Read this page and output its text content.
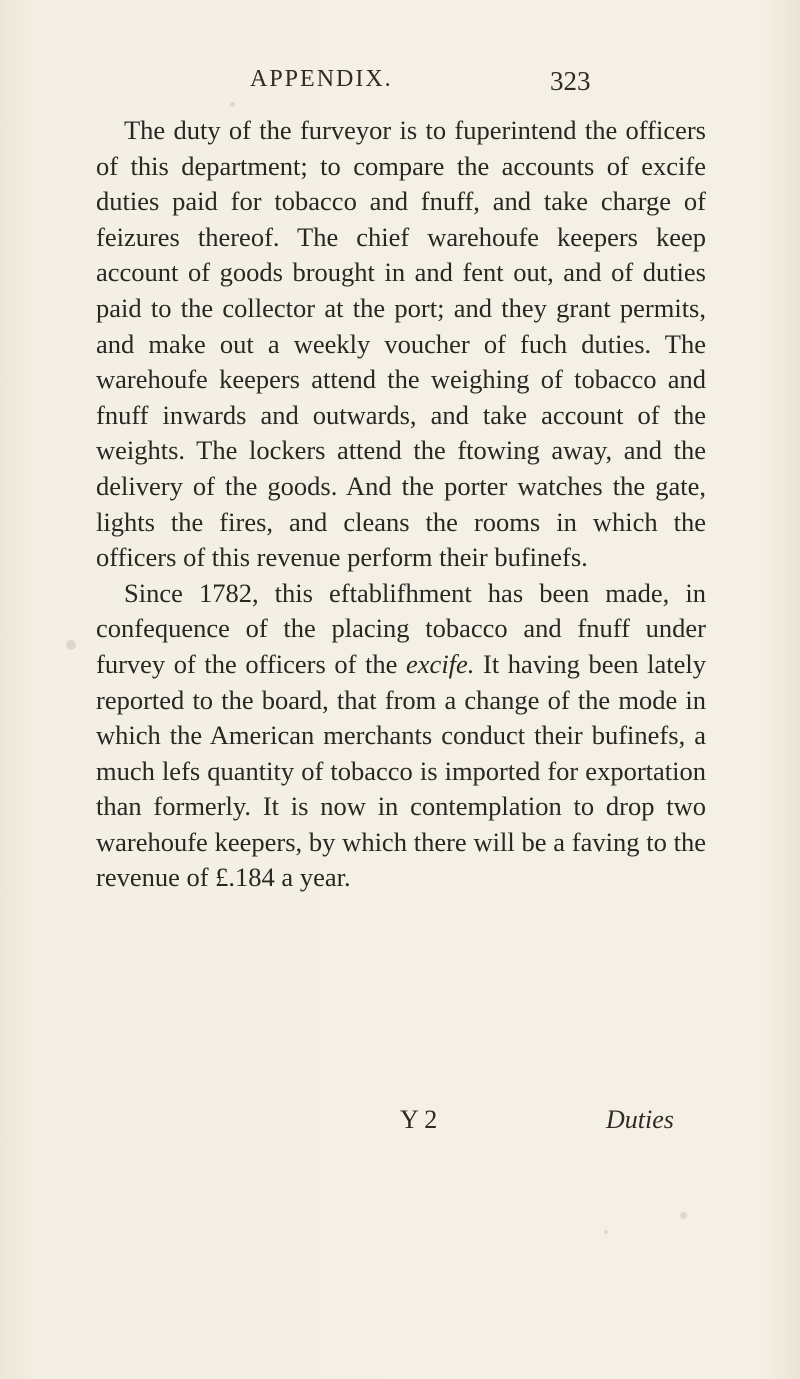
APPENDIX.	323

The duty of the furveyor is to fuperintend the officers of this department; to compare the accounts of excife duties paid for tobacco and fnuff, and take charge of feizures thereof. The chief warehoufe keepers keep account of goods brought in and fent out, and of duties paid to the collector at the port; and they grant permits, and make out a weekly voucher of fuch duties. The warehoufe keepers attend the weighing of tobacco and fnuff inwards and outwards, and take account of the weights. The lockers attend the ftowing away, and the delivery of the goods. And the porter watches the gate, lights the fires, and cleans the rooms in which the officers of this revenue perform their bufinefs.

Since 1782, this eftablifhment has been made, in confequence of the placing tobacco and fnuff under furvey of the officers of the excife. It having been lately reported to the board, that from a change of the mode in which the American merchants conduct their bufinefs, a much lefs quantity of tobacco is imported for exportation than formerly. It is now in contemplation to drop two warehoufe keepers, by which there will be a faving to the revenue of £.184 a year.

Y 2	Duties
